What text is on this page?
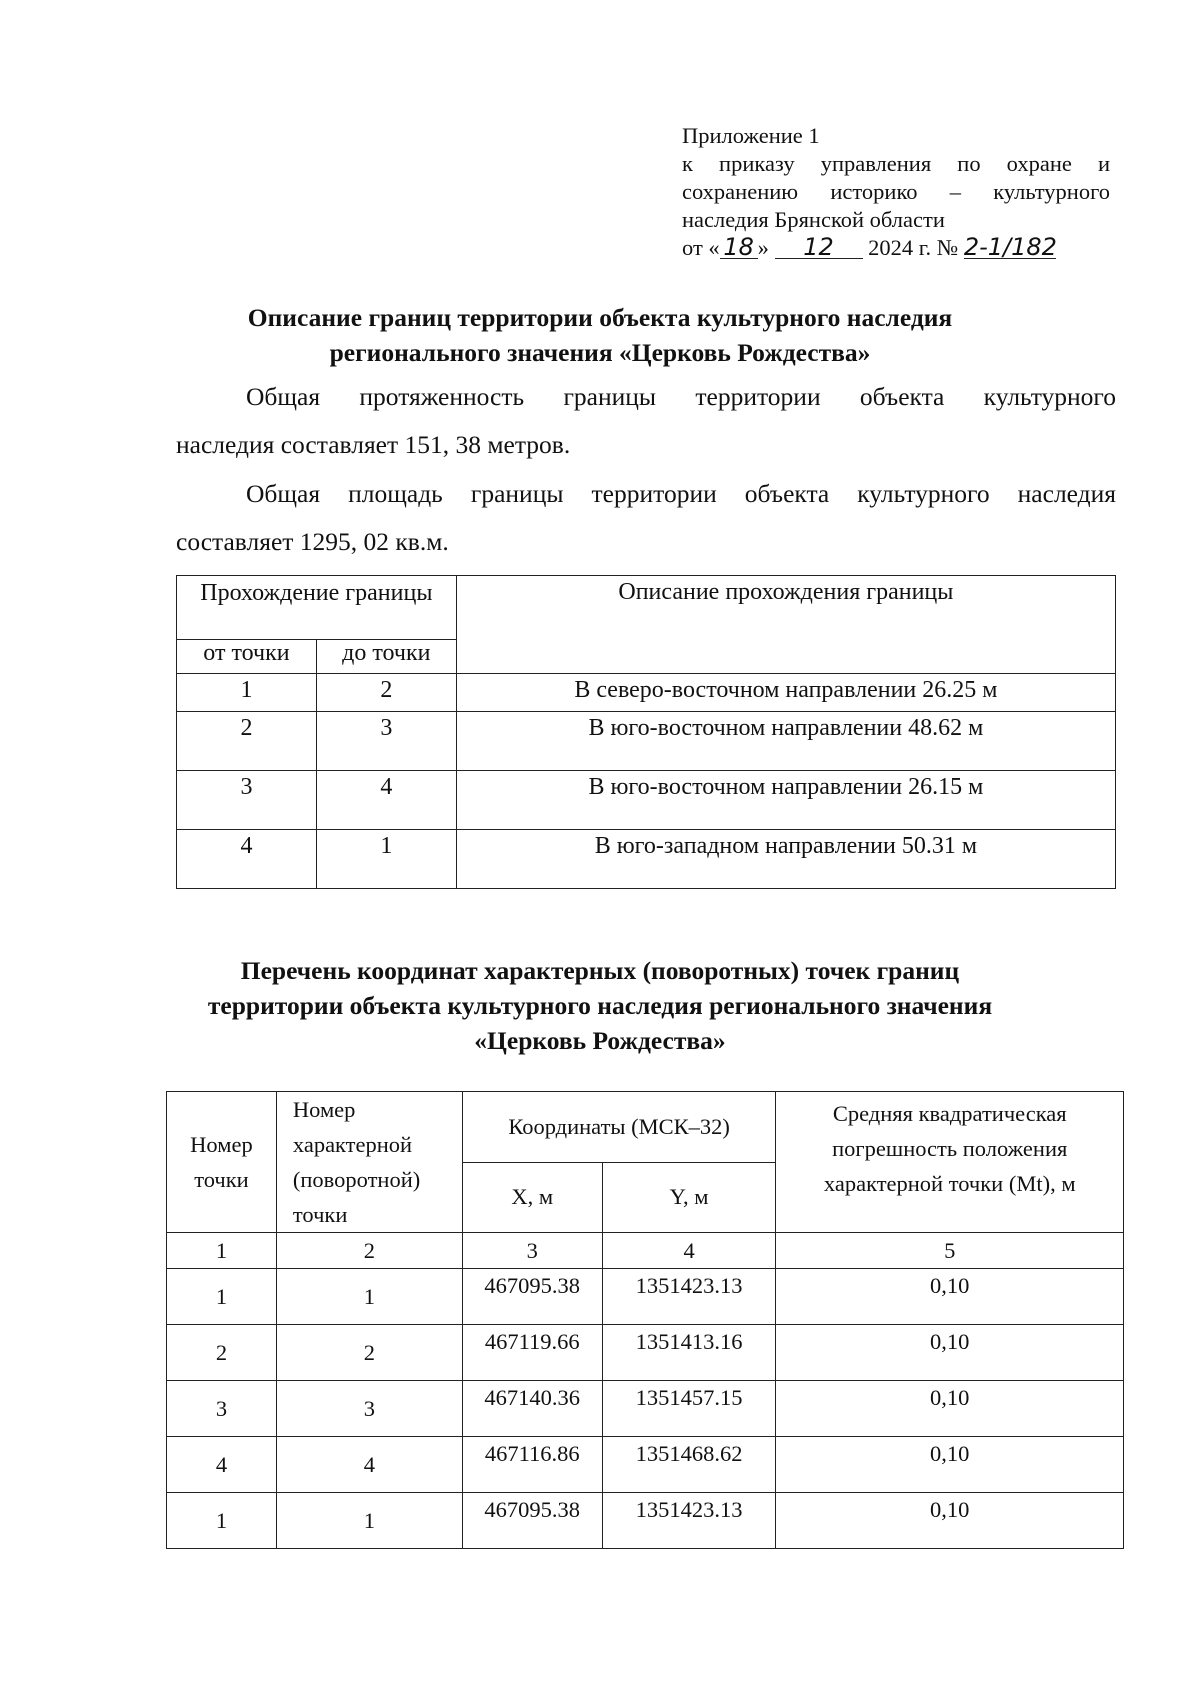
Приложение 1
к приказу управления по охране и
сохранению историко – культурного
наследия Брянской области
от « 18 » 12 2024 г. № 2-1/182
Описание границ территории объекта культурного наследия
регионального значения «Церковь Рождества»

Общая протяженность границы территории объекта культурного
наследия составляет 151, 38 метров.

Общая площадь границы территории объекта культурного наследия
составляет 1295, 02 кв.м.

Прохождение границы		Описание прохождения границы
от точки	до точки	
1	2	В северо-восточном направлении 26.25 м
2	3	В юго-восточном направлении 48.62 м
3	4	В юго-восточном направлении 26.15 м
4	1	В юго-западном направлении 50.31 м
Перечень координат характерных (поворотных) точек границ
территории объекта культурного наследия регионального значения
«Церковь Рождества»
Номер точки	Номер характерной (поворотной) точки	Координаты (МСК–32)		Средняя квадратическая погрешность положения характерной точки (Мt), м
		X, м	Y, м	
1	2	3	4	5
1	1	467095.38	1351423.13	0,10
2	2	467119.66	1351413.16	0,10
3	3	467140.36	1351457.15	0,10
4	4	467116.86	1351468.62	0,10
1	1	467095.38	1351423.13	0,10
